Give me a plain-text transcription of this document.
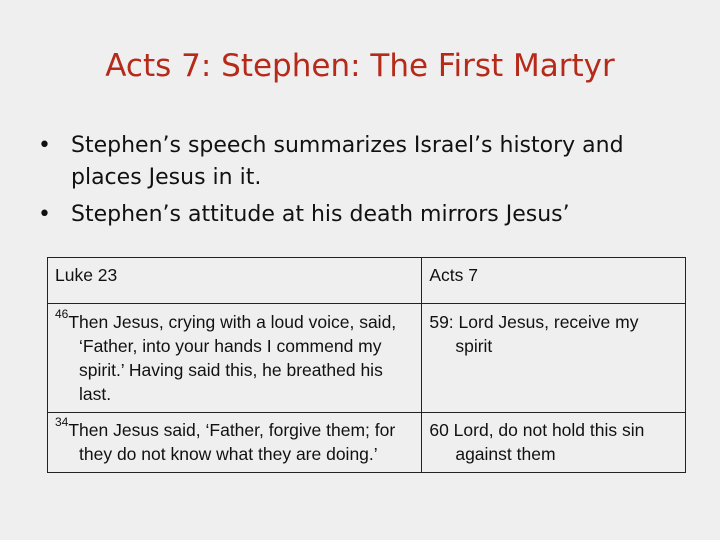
Acts 7: Stephen: The First Martyr
• Stephen’s speech summarizes Israel’s history and places Jesus in it.
• Stephen’s attitude at his death mirrors Jesus’
Luke 23	Acts 7

$^{46}$Then Jesus, crying with a loud voice, said, ‘Father, into your hands I commend my spirit.’ Having said this, he breathed his last.	59: Lord Jesus, receive my spirit

$^{34}$Then Jesus said, ‘Father, forgive them; for they do not know what they are doing.’	60 Lord, do not hold this sin against them
